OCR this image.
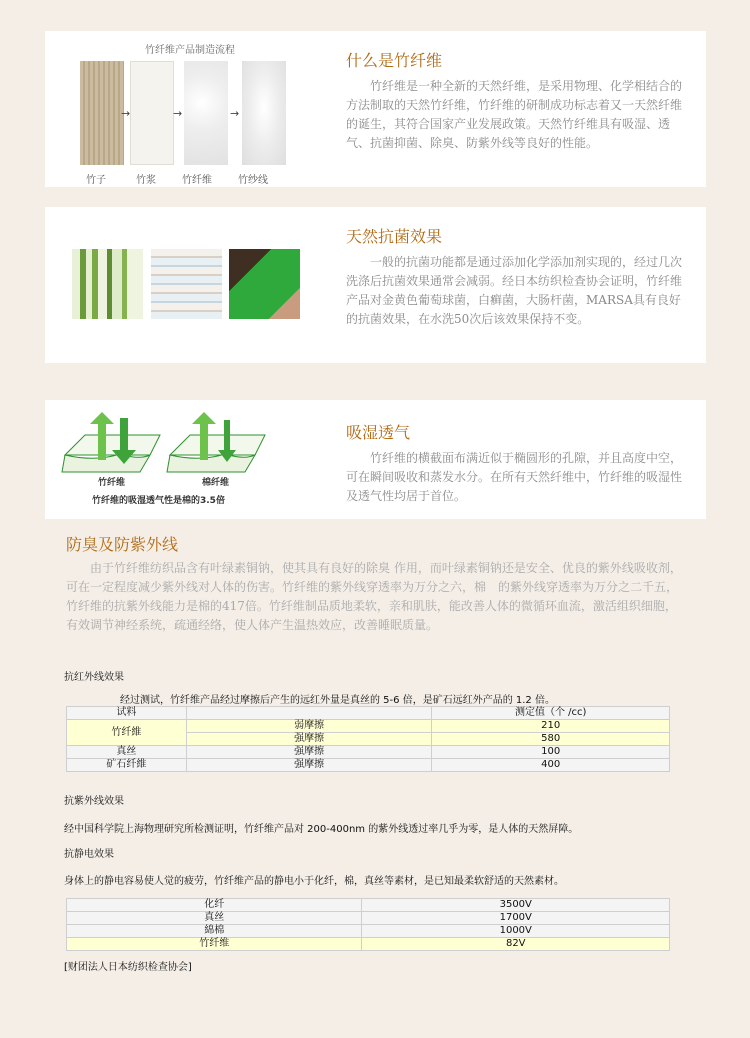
竹纤维产品制造流程
→	→	→
竹子	竹浆	竹纤维	竹纱线
什么是竹纤维

竹纤维是一种全新的天然纤维，是采用物理、化学相结合的方法制取的天然竹纤维，竹纤维的研制成功标志着又一天然纤维的诞生，其符合国家产业发展政策。天然竹纤维具有吸湿、透气、抗菌抑菌、除臭、防紫外线等良好的性能。

天然抗菌效果

一般的抗菌功能都是通过添加化学添加剂实现的，经过几次洗涤后抗菌效果通常会减弱。经日本纺织检查协会证明，竹纤维产品对金黄色葡萄球菌，白癣菌，大肠杆菌，MARSA具有良好的抗菌效果，在水洗50次后该效果保持不变。

竹纤维	棉纤维
竹纤维的吸湿透气性是棉的3.5倍
吸湿透气

竹纤维的横截面布满近似于椭圆形的孔隙，并且高度中空，可在瞬间吸收和蒸发水分。在所有天然纤维中，竹纤维的吸湿性及透气性均居于首位。

防臭及防紫外线

由于竹纤维纺织品含有叶绿素铜钠，使其具有良好的除臭 作用，而叶绿素铜钠还是安全、优良的紫外线吸收剂，可在一定程度减少紫外线对人体的伤害。竹纤维的紫外线穿透率为万分之六，棉　的紫外线穿透率为万分之二千五，竹纤维的抗紫外线能力是棉的417倍。竹纤维制品质地柔软，亲和肌肤，能改善人体的微循环血流，激活组织细胞，有效调节神经系统，疏通经络，使人体产生温热效应，改善睡眠质量。

抗红外线效果
经过测试，竹纤维产品经过摩擦后产生的远红外量是真丝的 5-6 倍，是矿石远红外产品的 1.2 倍。
试料		测定值（个 /cc)
竹纤維	弱摩擦	210
	强摩擦	580
真丝	强摩擦	100
矿石纤維	强摩擦	400
抗紫外线效果
经中国科学院上海物理研究所检测证明，竹纤维产品对 200-400nm 的紫外线透过率几乎为零，是人体的天然屏障。
抗静电效果
身体上的静电容易使人觉的疲劳，竹纤维产品的静电小于化纤，棉，真丝等素材，是已知最柔软舒适的天然素材。
化纤	3500V
真丝	1700V
綿棉	1000V
竹纤维	82V
[财团法人日本纺织检查协会]
